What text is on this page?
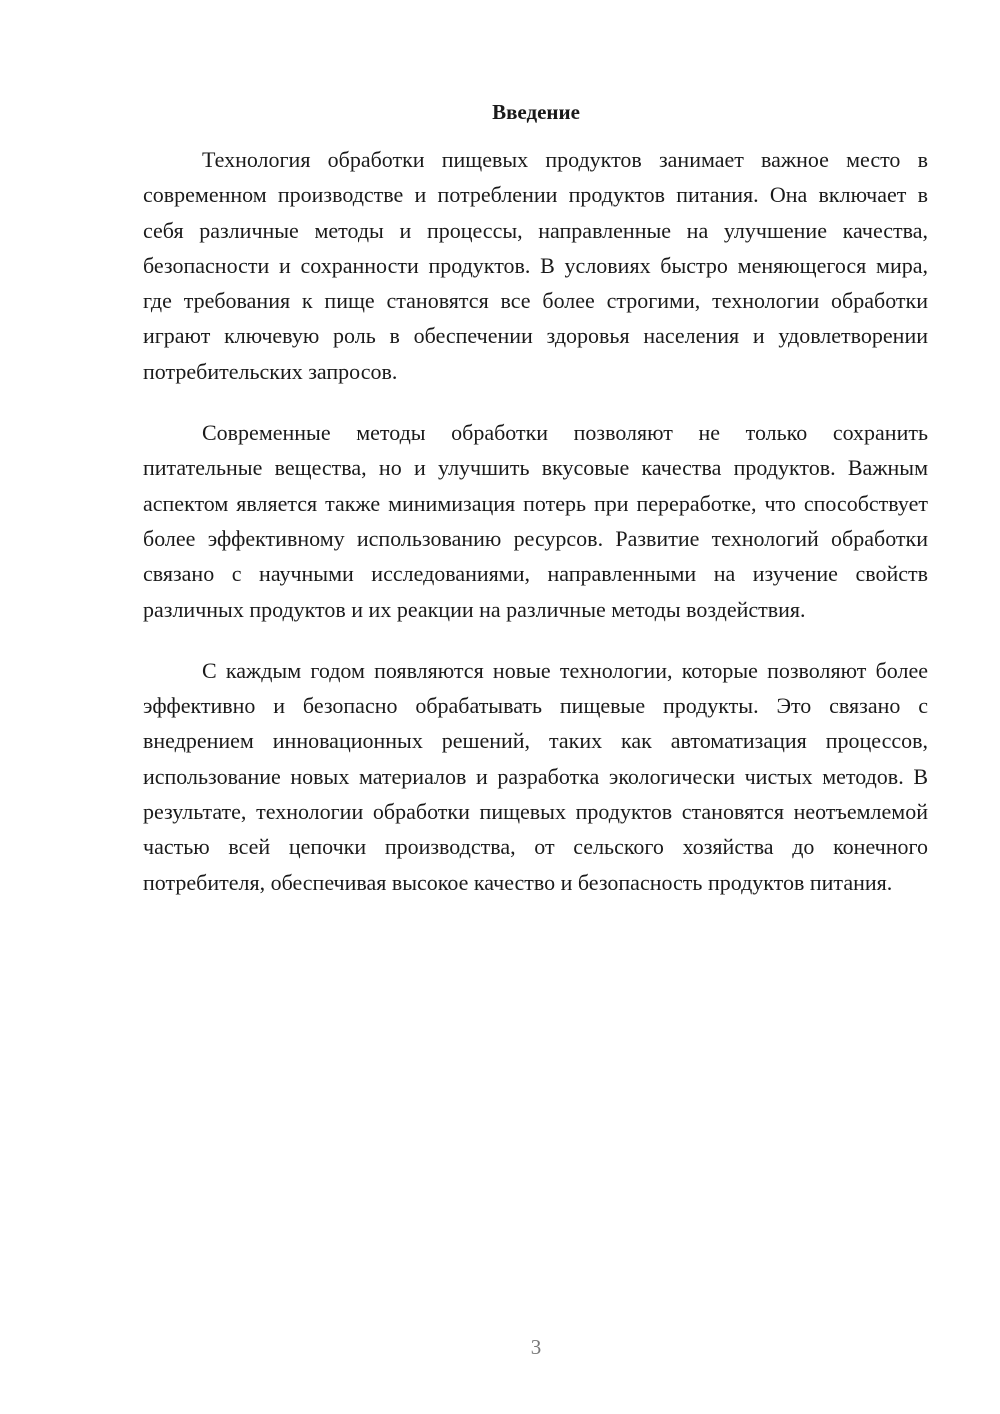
Введение

Технология обработки пищевых продуктов занимает важное место в современном производстве и потреблении продуктов питания. Она включает в себя различные методы и процессы, направленные на улучшение качества, безопасности и сохранности продуктов. В условиях быстро меняющегося мира, где требования к пище становятся все более строгими, технологии обработки играют ключевую роль в обеспечении здоровья населения и удовлетворении потребительских запросов.

Современные методы обработки позволяют не только сохранить питательные вещества, но и улучшить вкусовые качества продуктов. Важным аспектом является также минимизация потерь при переработке, что способствует более эффективному использованию ресурсов. Развитие технологий обработки связано с научными исследованиями, направленными на изучение свойств различных продуктов и их реакции на различные методы воздействия.

С каждым годом появляются новые технологии, которые позволяют более эффективно и безопасно обрабатывать пищевые продукты. Это связано с внедрением инновационных решений, таких как автоматизация процессов, использование новых материалов и разработка экологически чистых методов. В результате, технологии обработки пищевых продуктов становятся неотъемлемой частью всей цепочки производства, от сельского хозяйства до конечного потребителя, обеспечивая высокое качество и безопасность продуктов питания.

3
